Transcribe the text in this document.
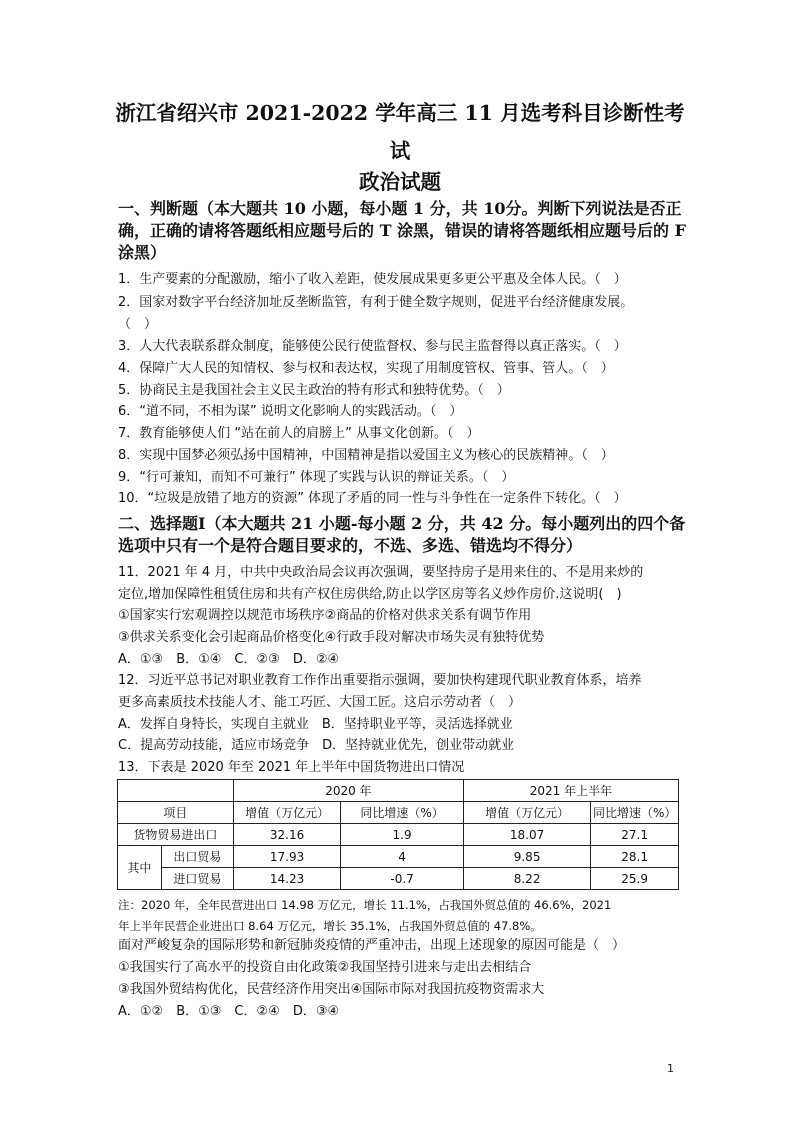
浙江省绍兴市 2021-2022 学年高三 11 月选考科目诊断性考
试
政治试题
一、判断题（本大题共 10 小题，每小题 1 分，共 10分。判断下列说法是否正
确，正确的请将答题纸相应题号后的 T 涂黑，错误的请将答题纸相应题号后的 F
涂黑）
1．生产要素的分配激励，缩小了收入差距，使发展成果更多更公平惠及全体人民。（　）
2．国家对数字平台经济加址反垄断监管，有利于健全数字规则，促进平台经济健康发展。
（　）
3．人大代表联系群众制度，能够使公民行使监督权、参与民主监督得以真正落实。（　）
4．保障广大人民的知情权、参与权和表达权，实现了用制度管权、管事、管人。（　）
5．协商民主是我国社会主义民主政治的特有形式和独特优势。（　）
6．“道不同，不相为谋” 说明文化影响人的实践活动。（　）
7．教育能够使人们 “站在前人的肩膀上” 从事文化创新。（　）
8．实现中国梦必须弘扬中国精神，中国精神是指以爱国主义为核心的民族精神。（　）
9．“行可兼知，而知不可兼行” 体现了实践与认识的辩证关系。（　）
10．“垃圾是放错了地方的资源” 体现了矛盾的同一性与斗争性在一定条件下转化。（　）
二、选择题Ⅰ（本大题共 21 小题-每小题 2 分，共 42 分。每小题列出的四个备
选项中只有一个是符合题目要求的，不选、多选、错选均不得分）
11．2021 年 4 月，中共中央政治局会议再次强调，要坚持房子是用来住的、不是用来炒的
定位,增加保障性租赁住房和共有产权住房供给,防止以学区房等名义炒作房价.这说明(　)
①国家实行宏观调控以规范市场秩序②商品的价格对供求关系有调节作用
③供求关系变化会引起商品价格变化④行政手段对解决市场失灵有独特优势
A．①③　B．①④　C．②③　D．②④
12．习近平总书记对职业教育工作作出重要指示强调，要加快构建现代职业教育体系，培养
更多高素质技术技能人才、能工巧匠、大国工匠。这启示劳动者（　）
A．发挥自身特长，实现自主就业　B．坚持职业平等，灵活选择就业
C．提高劳动技能，适应市场竞争　D．坚持就业优先，创业带动就业
13．下表是 2020 年至 2021 年上半年中国货物进出口情况
		2020 年		2021 年上半年	
项目		增值（万亿元）	同比增速（%）	增值（万亿元）	同比增速（%）
货物贸易进出口		32.16	1.9	18.07	27.1
其中	出口贸易	17.93	4	9.85	28.1
	进口贸易	14.23	-0.7	8.22	25.9
注：2020 年，全年民营进出口 14.98 万亿元，增长 11.1%，占我国外贸总值的 46.6%，2021
年上半年民营企业进出口 8.64 万亿元，增长 35.1%，占我国外贸总值的 47.8%。
面对严峻复杂的国际形势和新冠肺炎疫情的严重冲击，出现上述现象的原因可能是（　）
①我国实行了高水平的投资自由化政策②我国坚持引进来与走出去相结合
③我国外贸结构优化，民营经济作用突出④国际市际对我国抗疫物资需求大
A．①②　B．①③　C．②④　D．③④
1
